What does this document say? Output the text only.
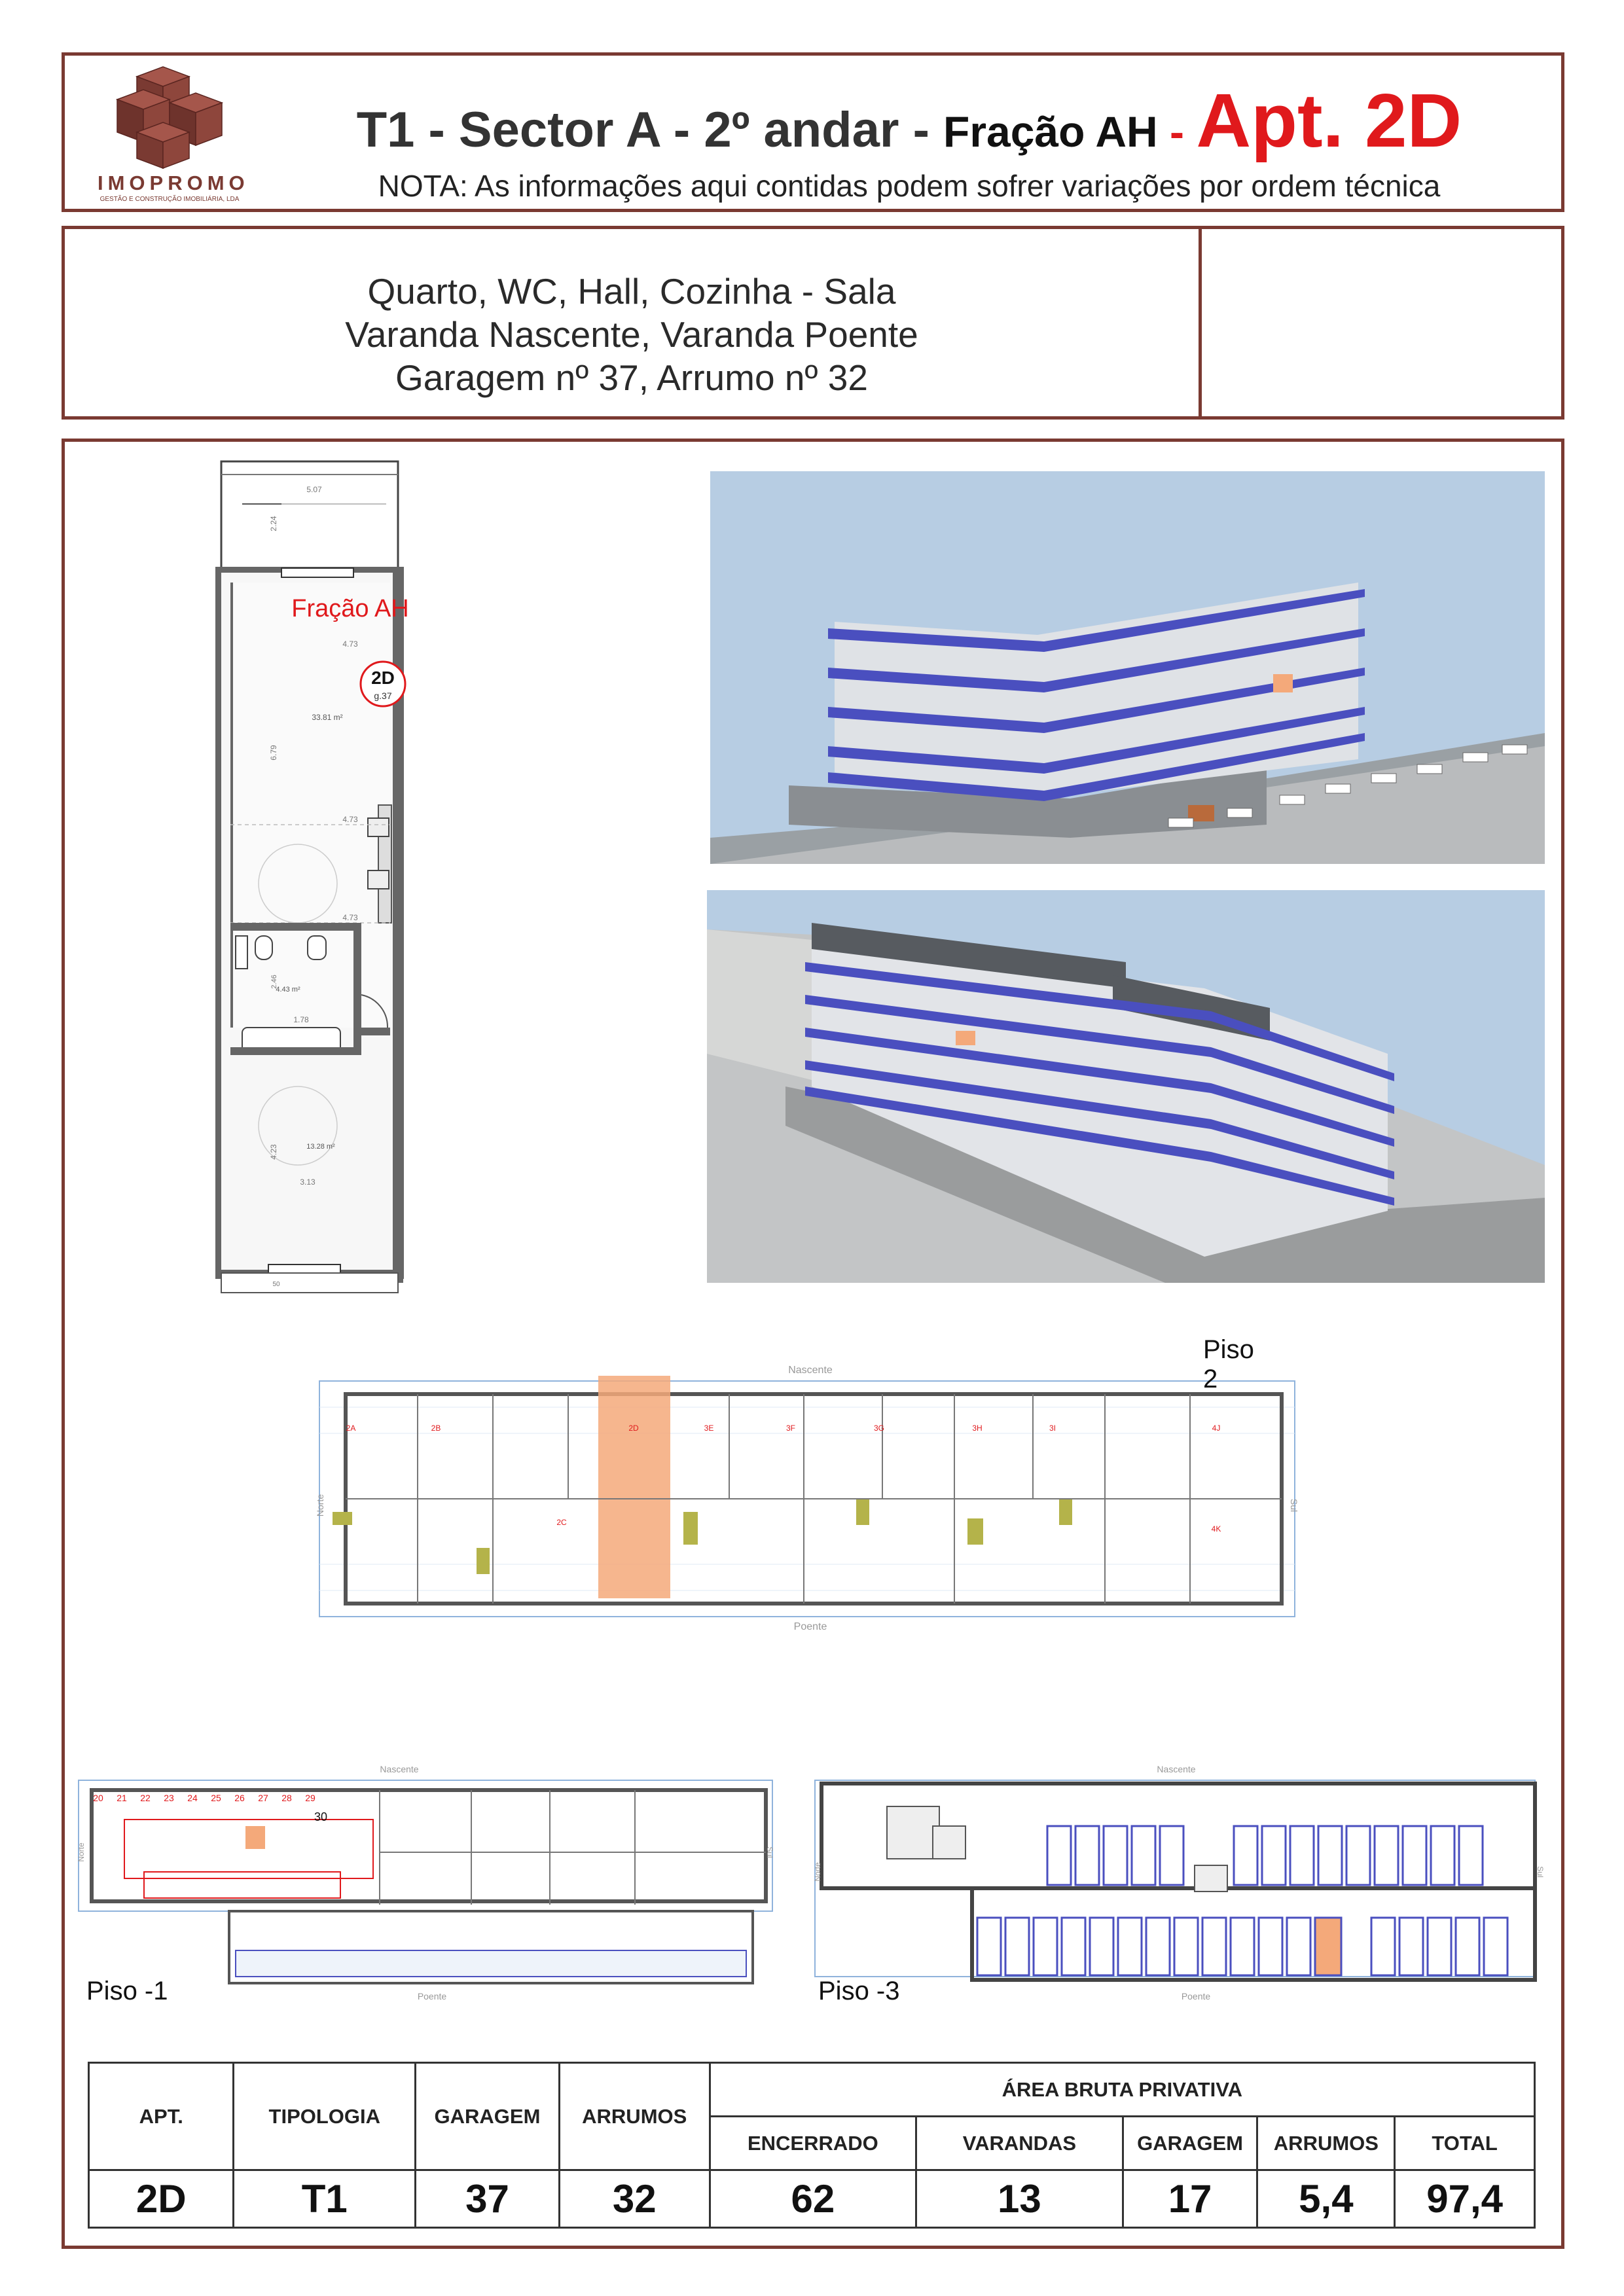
IMOPROMO
GESTÃO E CONSTRUÇÃO IMOBILIÁRIA, LDA
T1 - Sector A - 2º andar - Fração AH - Apt. 2D
NOTA: As informações aqui contidas podem sofrer variações por ordem técnica
Quarto, WC, Hall, Cozinha - Sala
Varanda Nascente, Varanda Poente
Garagem nº 37, Arrumo nº 32
5.07
2.24
4.73
6.79
33.81 m²
4.73
4.73
2.46
4.43 m²
1.78
4.23	13.28 m²
3.13
50
2D
g.37
Fração AH
2A	2B	2D	3E	3F	3G	3H	3I	4J
2C
4K
Nascente
Poente
Norte	Sul
Piso 2
20 21 22 23 24 25 26 27 28 29
30
Nascente
Poente
Norte	Sul
Piso -1
Nascente
Poente
Norte	Sul
Piso -3
APT.	TIPOLOGIA	GARAGEM	ARRUMOS	ÁREA BRUTA PRIVATIVA				
				ENCERRADO	VARANDAS	GARAGEM	ARRUMOS	TOTAL
2D	T1	37	32	62	13	17	5,4	97,4
